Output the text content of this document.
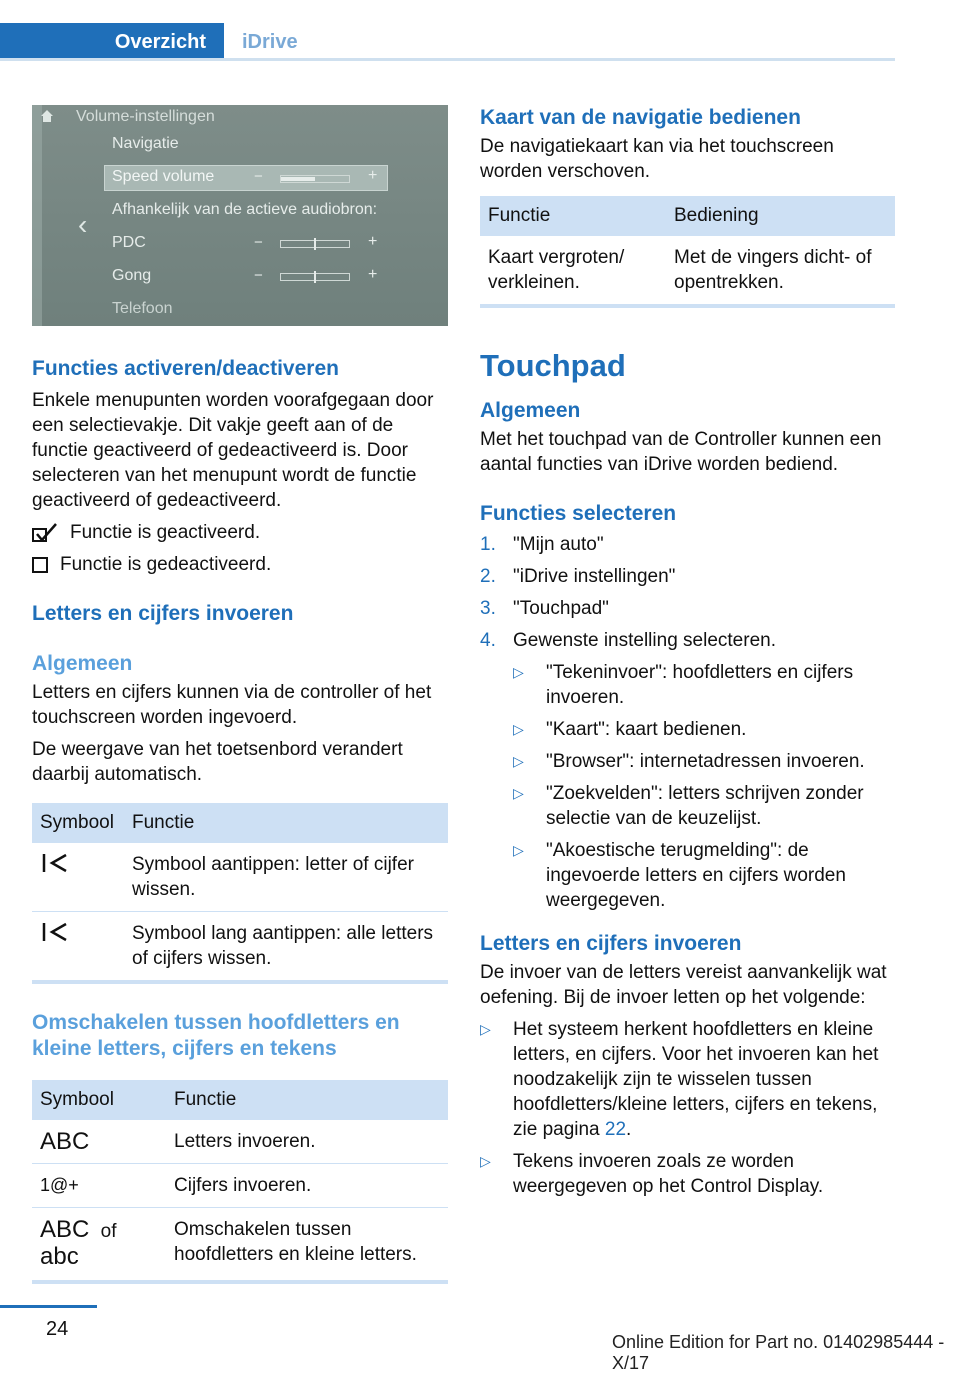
Overzicht	iDrive
Volume-instellingen
‹
Navigatie
Speed volume	−	+
Afhankelijk van de actieve audiobron:
PDC	−	+
Gong	−	+
Telefoon
Functies activeren/deactiveren

Enkele menupunten worden voorafgegaan door een selectievakje. Dit vakje geeft aan of de functie geactiveerd of gedeactiveerd is. Door selecteren van het menupunt wordt de functie geactiveerd of gedeactiveerd.

Functie is geactiveerd.
Functie is gedeactiveerd.
Letters en cijfers invoeren
Algemeen

Letters en cijfers kunnen via de controller of het touchscreen worden ingevoerd.

De weergave van het toetsenbord verandert daarbij automatisch.

Symbool	Functie
	Symbool aantippen: letter of cijfer wissen.
	Symbool lang aantippen: alle letters of cijfers wissen.
Omschakelen tussen hoofdletters en kleine letters, cijfers en tekens
Symbool	Functie
ABC	Letters invoeren.
1@+	Cijfers invoeren.
ABC of
abc	Omschakelen tussen hoofdletters en kleine letters.
Kaart van de navigatie bedienen

De navigatiekaart kan via het touchscreen worden verschoven.

Functie	Bediening
Kaart vergroten/ verkleinen.	Met de vingers dicht- of opentrekken.
Touchpad
Algemeen

Met het touchpad van de Controller kunnen een aantal functies van iDrive worden bediend.

Functies selecteren
1. "Mijn auto"
2. "iDrive instellingen"
3. "Touchpad"
4. Gewenste instelling selecteren.
▷	"Tekeninvoer": hoofdletters en cijfers invoeren.
▷	"Kaart": kaart bedienen.
▷	"Browser": internetadressen invoeren.
▷	"Zoekvelden": letters schrijven zonder selectie van de keuzelijst.
▷	"Akoestische terugmelding": de ingevoerde letters en cijfers worden weergegeven.
Letters en cijfers invoeren

De invoer van de letters vereist aanvankelijk wat oefening. Bij de invoer letten op het volgende:

▷	Het systeem herkent hoofdletters en kleine letters, en cijfers. Voor het invoeren kan het noodzakelijk zijn te wisselen tussen hoofdletters/kleine letters, cijfers en tekens, zie pagina 22.
▷	Tekens invoeren zoals ze worden weergegeven op het Control Display.
24
Online Edition for Part no. 01402985444 - X/17
